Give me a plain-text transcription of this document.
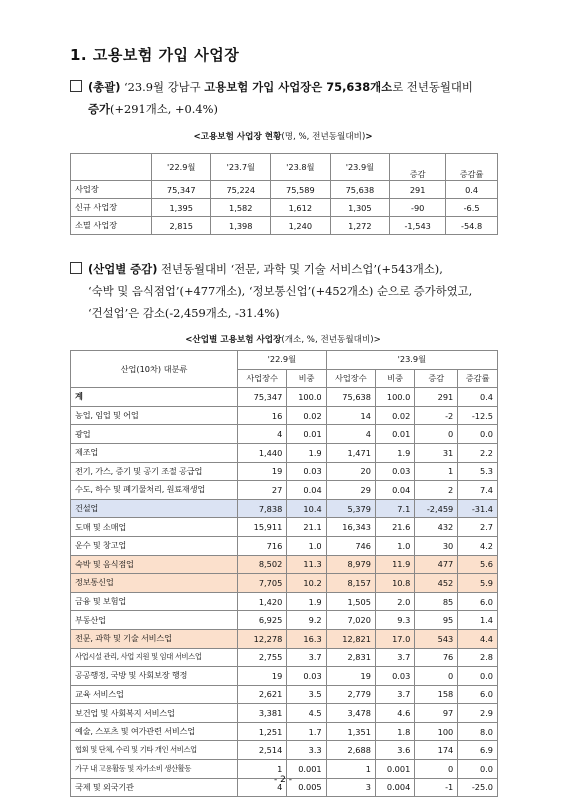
1. 고용보험 가입 사업장
(총괄) ‘23.9월 강남구 고용보험 가입 사업장은 75,638개소로 전년동월대비
증가(+291개소, +0.4%)
<고용보험 사업장 현황(명, %, 전년동월대비)>
	'22.9월	'23.7월	'23.8월	'23.9월	증감	증감률
사업장	75,347	75,224	75,589	75,638	291	0.4
신규 사업장	1,395	1,582	1,612	1,305	-90	-6.5
소멸 사업장	2,815	1,398	1,240	1,272	-1,543	-54.8
(산업별 증감) 전년동월대비 ‘전문, 과학 및 기술 서비스업’(+543개소),
‘숙박 및 음식점업’(+477개소), ‘정보통신업’(+452개소) 순으로 증가하였고,
‘건설업’은 감소(-2,459개소, -31.4%)
<산업별 고용보험 사업장(개소, %, 전년동월대비)>
산업(10차) 대분류	'22.9월		'23.9월			
	사업장수	비중	사업장수	비중	증감	증감률
계	75,347	100.0	75,638	100.0	291	0.4
농업, 임업 및 어업	16	0.02	14	0.02	-2	-12.5
광업	4	0.01	4	0.01	0	0.0
제조업	1,440	1.9	1,471	1.9	31	2.2
전기, 가스, 증기 및 공기 조절 공급업	19	0.03	20	0.03	1	5.3
수도, 하수 및 폐기물처리, 원료재생업	27	0.04	29	0.04	2	7.4
건설업	7,838	10.4	5,379	7.1	-2,459	-31.4
도매 및 소매업	15,911	21.1	16,343	21.6	432	2.7
운수 및 창고업	716	1.0	746	1.0	30	4.2
숙박 및 음식점업	8,502	11.3	8,979	11.9	477	5.6
정보통신업	7,705	10.2	8,157	10.8	452	5.9
금융 및 보험업	1,420	1.9	1,505	2.0	85	6.0
부동산업	6,925	9.2	7,020	9.3	95	1.4
전문, 과학 및 기술 서비스업	12,278	16.3	12,821	17.0	543	4.4
사업시설 관리, 사업 지원 및 임대 서비스업	2,755	3.7	2,831	3.7	76	2.8
공공행정, 국방 및 사회보장 행정	19	0.03	19	0.03	0	0.0
교육 서비스업	2,621	3.5	2,779	3.7	158	6.0
보건업 및 사회복지 서비스업	3,381	4.5	3,478	4.6	97	2.9
예술, 스포츠 및 여가관련 서비스업	1,251	1.7	1,351	1.8	100	8.0
협회 및 단체, 수리 및 기타 개인 서비스업	2,514	3.3	2,688	3.6	174	6.9
가구 내 고용활동 및 자가소비 생산활동	1	0.001	1	0.001	0	0.0
국제 및 외국기관	4	0.005	3	0.004	-1	-25.0
- 2 -
